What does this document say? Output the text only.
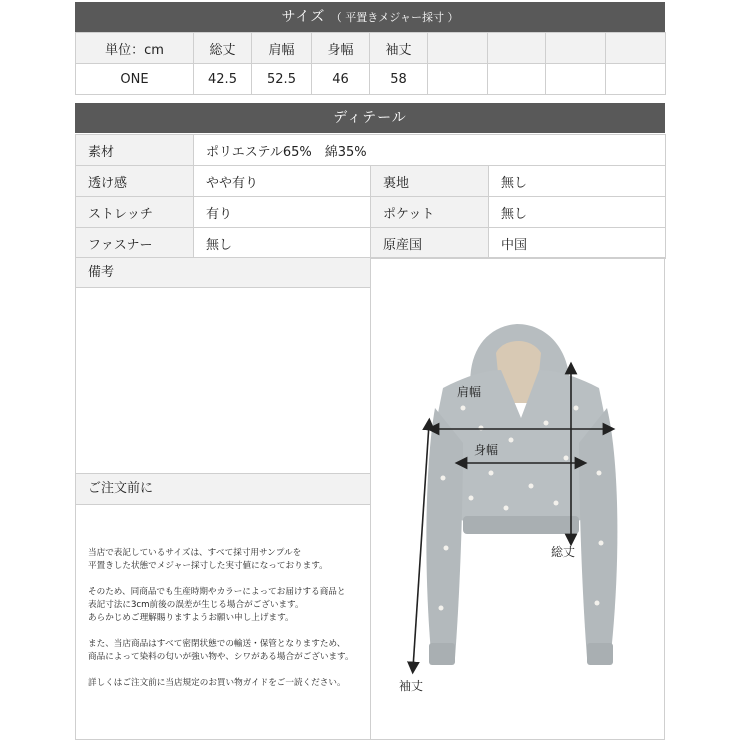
サイズ （ 平置きメジャー採寸 ）
単位：cm	総丈	肩幅	身幅	袖丈				
ONE	42.5	52.5	46	58				
ディテール
素材	ポリエステル65%　綿35%		
透け感	やや有り	裏地	無し
ストレッチ	有り	ポケット	無し
ファスナー	無し	原産国	中国
備考
ご注文前に

当店で表記しているサイズは、すべて採寸用サンプルを
平置きした状態でメジャー採寸した実寸値になっております。

そのため、同商品でも生産時期やカラーによってお届けする商品と
表記寸法に3cm前後の誤差が生じる場合がございます。
あらかじめご理解賜りますようお願い申し上げます。

また、当店商品はすべて密閉状態での輸送・保管となりますため、
商品によって染料の匂いが強い物や、シワがある場合がございます。

詳しくはご注文前に当店規定のお買い物ガイドをご一読ください。

肩幅
身幅
総丈
袖丈
